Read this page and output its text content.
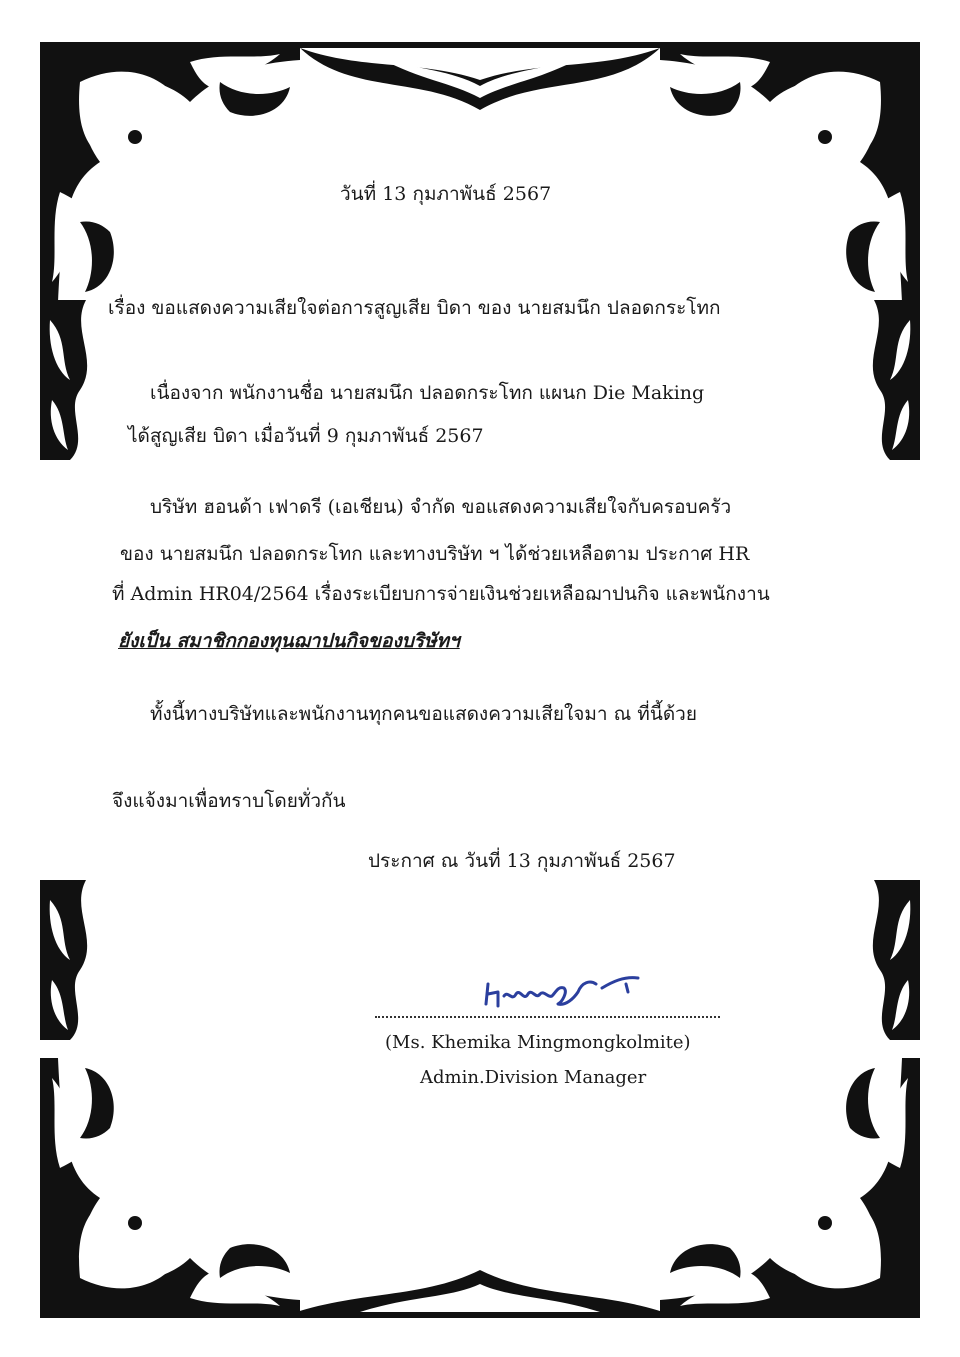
วันที่ 13 กุมภาพันธ์ 2567
เรื่อง ขอแสดงความเสียใจต่อการสูญเสีย บิดา ของ นายสมนึก ปลอดกระโทก
เนื่องจาก พนักงานชื่อ นายสมนึก ปลอดกระโทก แผนก Die Making
ได้สูญเสีย บิดา เมื่อวันที่ 9 กุมภาพันธ์ 2567
บริษัท ฮอนด้า เฟาดรี (เอเชียน) จำกัด ขอแสดงความเสียใจกับครอบครัว
ของ นายสมนึก ปลอดกระโทก และทางบริษัท ฯ ได้ช่วยเหลือตาม ประกาศ HR
ที่ Admin HR04/2564 เรื่องระเบียบการจ่ายเงินช่วยเหลือฌาปนกิจ และพนักงาน
ยังเป็น สมาชิกกองทุนฌาปนกิจของบริษัทฯ
ทั้งนี้ทางบริษัทและพนักงานทุกคนขอแสดงความเสียใจมา ณ ที่นี้ด้วย
จึงแจ้งมาเพื่อทราบโดยทั่วกัน
ประกาศ ณ วันที่ 13 กุมภาพันธ์ 2567
(Ms. Khemika Mingmongkolmite)
Admin.Division Manager
